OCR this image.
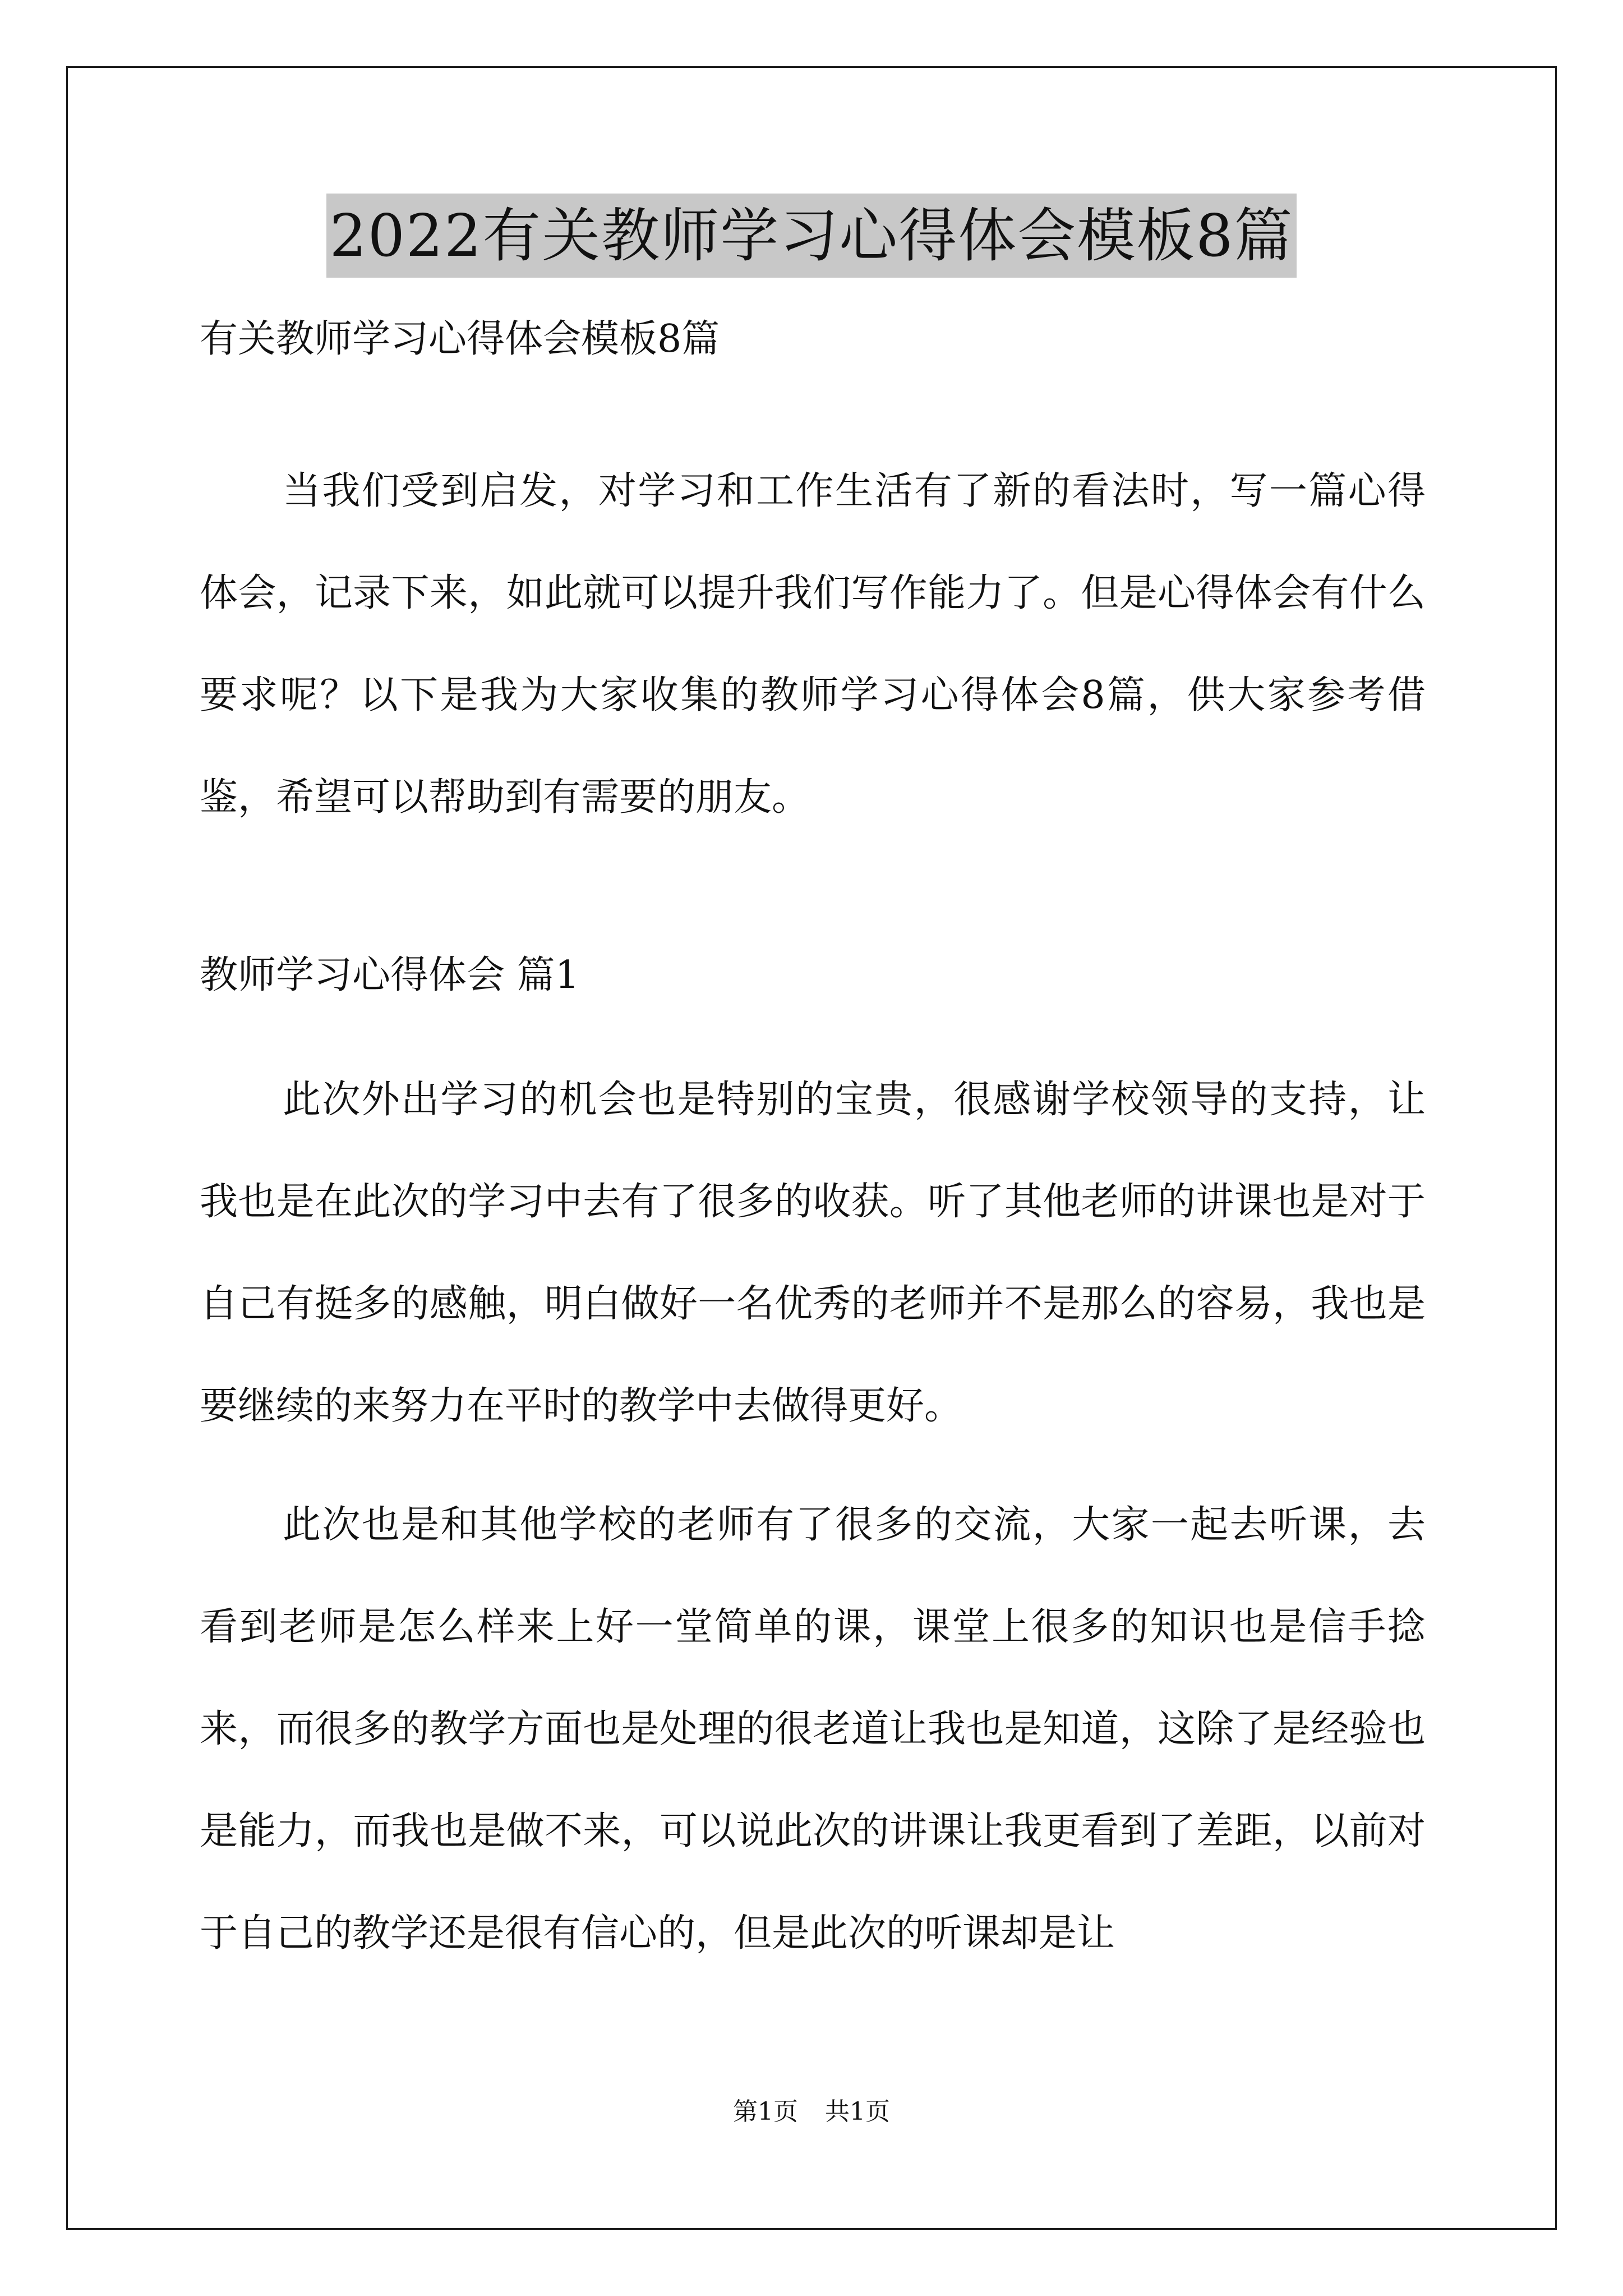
2022有关教师学习心得体会模板8篇
有关教师学习心得体会模板8篇

当我们受到启发，对学习和工作生活有了新的看法时，写一篇心得体会，记录下来，如此就可以提升我们写作能力了。但是心得体会有什么要求呢？以下是我为大家收集的教师学习心得体会8篇，供大家参考借鉴，希望可以帮助到有需要的朋友。

教师学习心得体会 篇1

此次外出学习的机会也是特别的宝贵，很感谢学校领导的支持，让我也是在此次的学习中去有了很多的收获。听了其他老师的讲课也是对于自己有挺多的感触，明白做好一名优秀的老师并不是那么的容易，我也是要继续的来努力在平时的教学中去做得更好。

此次也是和其他学校的老师有了很多的交流，大家一起去听课，去看到老师是怎么样来上好一堂简单的课，课堂上很多的知识也是信手捻来，而很多的教学方面也是处理的很老道让我也是知道，这除了是经验也是能力，而我也是做不来，可以说此次的讲课让我更看到了差距，以前对于自己的教学还是很有信心的，但是此次的听课却是让

第1页 共1页
